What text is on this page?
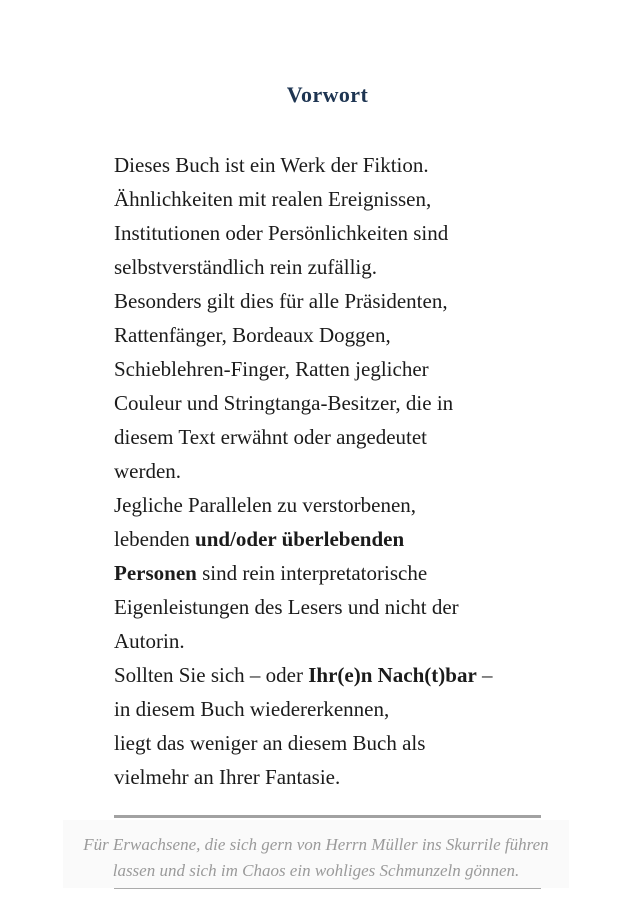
Vorwort
Dieses Buch ist ein Werk der Fiktion.
Ähnlichkeiten mit realen Ereignissen,
Institutionen oder Persönlichkeiten sind
selbstverständlich rein zufällig.
Besonders gilt dies für alle Präsidenten,
Rattenfänger, Bordeaux Doggen,
Schieblehren-Finger, Ratten jeglicher
Couleur und Stringtanga-Besitzer, die in
diesem Text erwähnt oder angedeutet
werden.
Jegliche Parallelen zu verstorbenen,
lebenden und/oder überlebenden
Personen sind rein interpretatorische
Eigenleistungen des Lesers und nicht der
Autorin.
Sollten Sie sich – oder Ihr(e)n Nach(t)bar –
in diesem Buch wiedererkennen,
liegt das weniger an diesem Buch als
vielmehr an Ihrer Fantasie.
Für Erwachsene, die sich gern von Herrn Müller ins Skurrile führen
lassen und sich im Chaos ein wohliges Schmunzeln gönnen.
